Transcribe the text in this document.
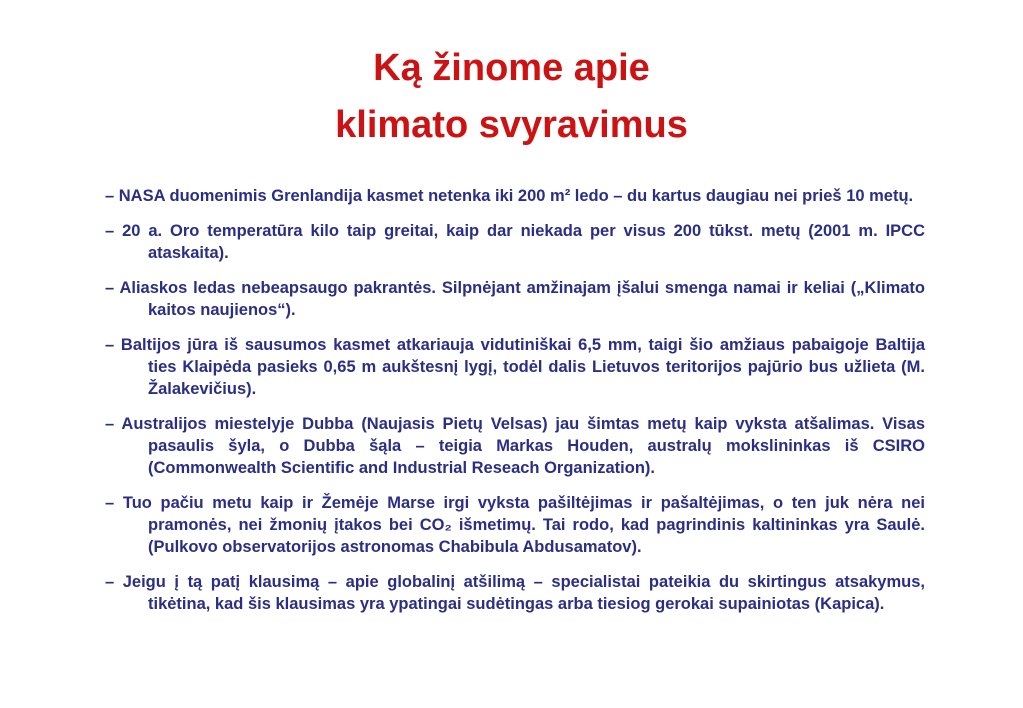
Ką žinome apie
klimato svyravimus

– NASA duomenimis Grenlandija kasmet netenka iki 200 m² ledo – du kartus daugiau nei prieš 10 metų.

– 20 a. Oro temperatūra kilo taip greitai, kaip dar niekada per visus 200 tūkst. metų (2001 m. IPCC ataskaita).

– Aliaskos ledas nebeapsaugo pakrantės. Silpnėjant amžinajam įšalui smenga namai ir keliai („Klimato kaitos naujienos“).

– Baltijos jūra iš sausumos kasmet atkariauja vidutiniškai 6,5 mm, taigi šio amžiaus pabaigoje Baltija ties Klaipėda pasieks 0,65 m aukštesnį lygį, todėl dalis Lietuvos teritorijos pajūrio bus užlieta (M. Žalakevičius).

– Australijos miestelyje Dubba (Naujasis Pietų Velsas) jau šimtas metų kaip vyksta atšalimas. Visas pasaulis šyla, o Dubba šąla – teigia Markas Houden, australų mokslininkas iš CSIRO (Commonwealth Scientific and Industrial Reseach Organization).

– Tuo pačiu metu kaip ir Žemėje Marse irgi vyksta pašiltėjimas ir pašaltėjimas, o ten juk nėra nei pramonės, nei žmonių įtakos bei CO₂ išmetimų. Tai rodo, kad pagrindinis kaltininkas yra Saulė. (Pulkovo observatorijos astronomas Chabibula Abdusamatov).

– Jeigu į tą patį klausimą – apie globalinį atšilimą – specialistai pateikia du skirtingus atsakymus, tikėtina, kad šis klausimas yra ypatingai sudėtingas arba tiesiog gerokai supainiotas (Kapica).
